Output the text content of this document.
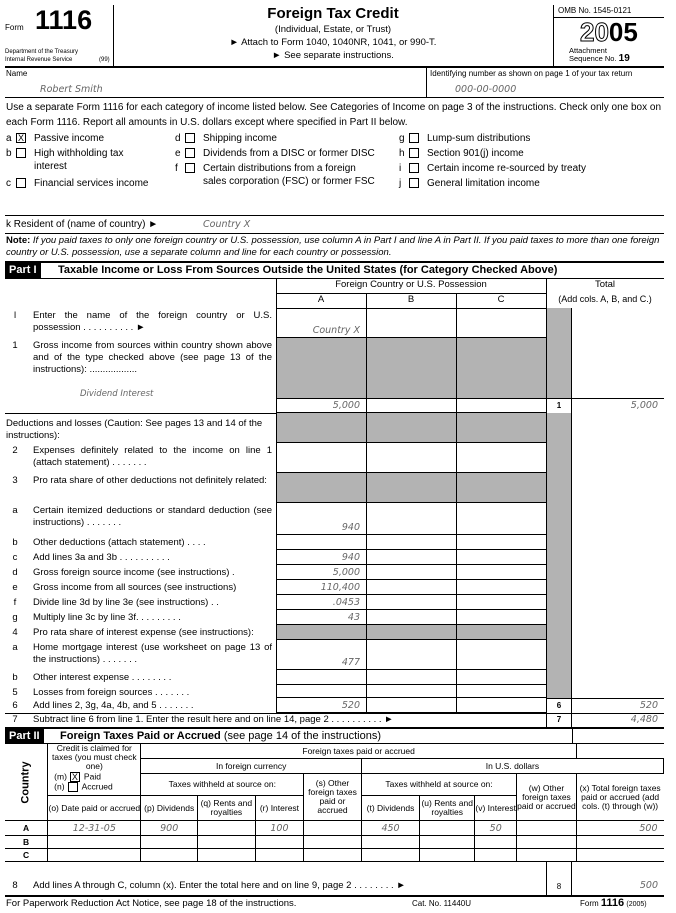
Form 1116
Department of the Treasury
Internal Revenue Service	(99)
Foreign Tax Credit
(Individual, Estate, or Trust)
► Attach to Form 1040, 1040NR, 1041, or 990-T.
► See separate instructions.
OMB No. 1545-0121
2005
Attachment
Sequence No. 19
Name
Robert Smith
Identifying number as shown on page 1 of your tax return
000-00-0000
Use a separate Form 1116 for each category of income listed below. See Categories of Income on page 3 of the instructions. Check only one box on each Form 1116. Report all amounts in U.S. dollars except where specified in Part II below.
a X Passive income
b High withholding tax interest
c Financial services income
d Shipping income
e Dividends from a DISC or former DISC
f	Certain distributions from a foreign sales corporation (FSC) or former FSC
g Lump-sum distributions
h Section 901(j) income
i	Certain income re-sourced by treaty
j	General limitation income
k Resident of (name of country) ►	Country X
Note: If you paid taxes to only one foreign country or U.S. possession, use column A in Part I and line A in Part II. If you paid taxes to more than one foreign country or U.S. possession, use a separate column and line for each country or possession.
Part I	Taxable Income or Loss From Sources Outside the United States (for Category Checked Above)
Foreign Country or U.S. Possession	Total
(Add cols. A, B, and C.)
A	B	C
l	Enter the name of the foreign country or U.S. possession . . . . . . . . . . ►	Country X
1	Gross income from sources within country shown above and of the type checked above (see page 13 of the instructions): ..................
Dividend Interest
5,000	1	5,000
Deductions and losses (Caution: See pages 13 and 14 of the instructions):
2	Expenses definitely related to the income on line 1 (attach statement) . . . . . . .
3	Pro rata share of other deductions not definitely related:
a	Certain itemized deductions or standard deduction (see instructions) . . . . . . .	940
b	Other deductions (attach statement) . . . .
c	Add lines 3a and 3b . . . . . . . . . .	940
d	Gross foreign source income (see instructions) .	5,000
e	Gross income from all sources (see instructions)	110,400
f	Divide line 3d by line 3e (see instructions) . .	.0453
g	Multiply line 3c by line 3f. . . . . . . . .	43
4	Pro rata share of interest expense (see instructions):
a	Home mortgage interest (use worksheet on page 13 of the instructions) . . . . . . .	477
b	Other interest expense . . . . . . . .
5	Losses from foreign sources . . . . . . .
6	Add lines 2, 3g, 4a, 4b, and 5 . . . . . . .	520	6	520
7	Subtract line 6 from line 1. Enter the result here and on line 14, page 2 . . . . . . . . . . ►	7	4,480
Part II	Foreign Taxes Paid or Accrued (see page 14 of the instructions)
Country	Credit is claimed for taxes (you must check one)
(m) X Paid
(n) Accrued	Foreign taxes paid or accrued									
		In foreign currency				In U.S. dollars					
		Taxes withheld at source on:			(s) Other foreign taxes paid or accrued	Taxes withheld at source on:			(w) Other foreign taxes paid or accrued	(x) Total foreign taxes paid or accrued (add cols. (t) through (w))	
	(o) Date paid or accrued	(p) Dividends	(q) Rents and royalties	(r) Interest		(t) Dividends	(u) Rents and royalties	(v) Interest			
A	12-31-05	900		100		450		50		500	
B											
C											
8	Add lines A through C, column (x). Enter the total here and on line 9, page 2 . . . . . . . . ►	8	500
For Paperwork Reduction Act Notice, see page 18 of the instructions.	Cat. No. 11440U	Form 1116 (2005)
